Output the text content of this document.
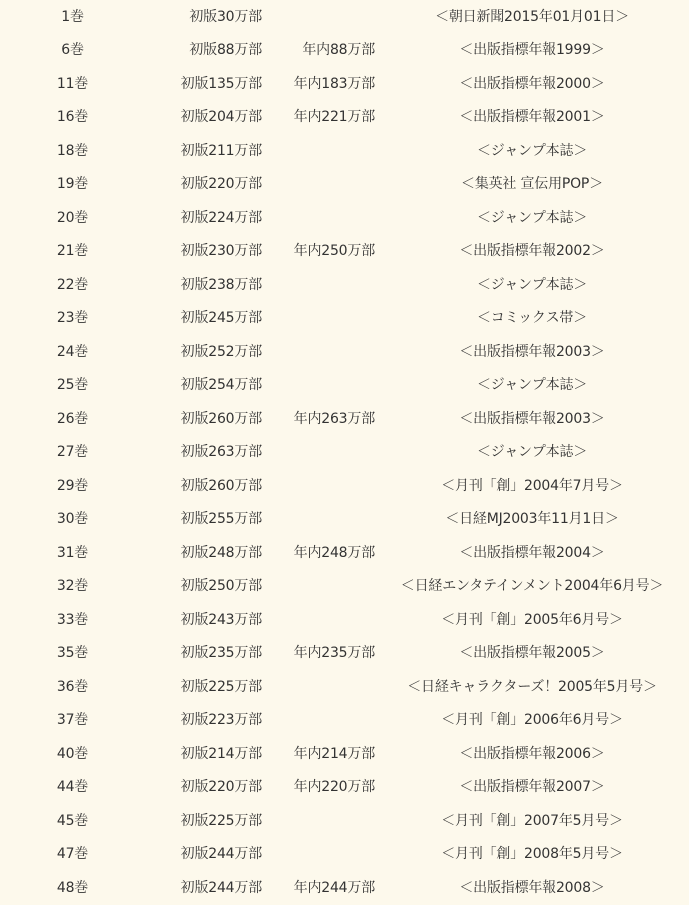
1巻	初版30万部		＜朝日新聞2015年01月01日＞
6巻	初版88万部	年内88万部	＜出版指標年報1999＞
11巻	初版135万部	年内183万部	＜出版指標年報2000＞
16巻	初版204万部	年内221万部	＜出版指標年報2001＞
18巻	初版211万部		＜ジャンプ本誌＞
19巻	初版220万部		＜集英社 宣伝用POP＞
20巻	初版224万部		＜ジャンプ本誌＞
21巻	初版230万部	年内250万部	＜出版指標年報2002＞
22巻	初版238万部		＜ジャンプ本誌＞
23巻	初版245万部		＜コミックス帯＞
24巻	初版252万部		＜出版指標年報2003＞
25巻	初版254万部		＜ジャンプ本誌＞
26巻	初版260万部	年内263万部	＜出版指標年報2003＞
27巻	初版263万部		＜ジャンプ本誌＞
29巻	初版260万部		＜月刊「創」2004年7月号＞
30巻	初版255万部		＜日経MJ2003年11月1日＞
31巻	初版248万部	年内248万部	＜出版指標年報2004＞
32巻	初版250万部		＜日経エンタテインメント2004年6月号＞
33巻	初版243万部		＜月刊「創」2005年6月号＞
35巻	初版235万部	年内235万部	＜出版指標年報2005＞
36巻	初版225万部		＜日経キャラクターズ！2005年5月号＞
37巻	初版223万部		＜月刊「創」2006年6月号＞
40巻	初版214万部	年内214万部	＜出版指標年報2006＞
44巻	初版220万部	年内220万部	＜出版指標年報2007＞
45巻	初版225万部		＜月刊「創」2007年5月号＞
47巻	初版244万部		＜月刊「創」2008年5月号＞
48巻	初版244万部	年内244万部	＜出版指標年報2008＞
